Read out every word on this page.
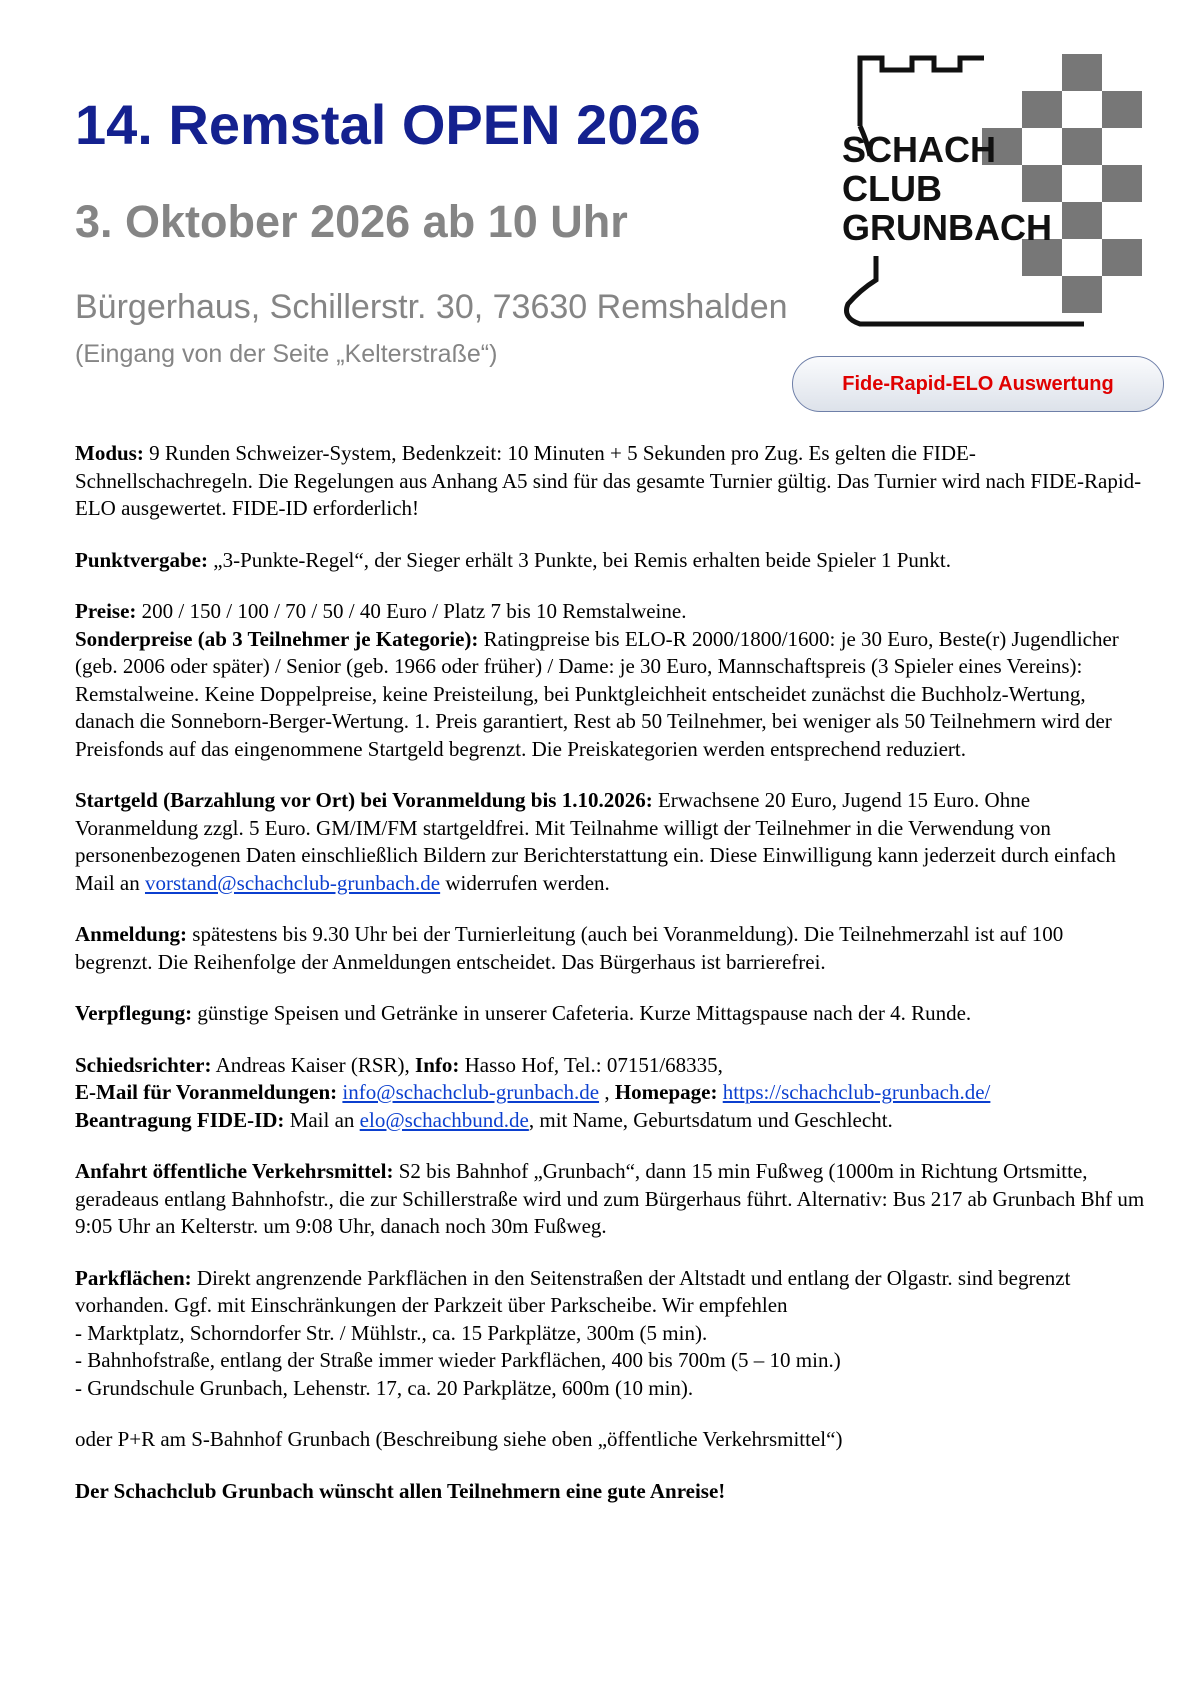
14. Remstal OPEN 2026
3. Oktober 2026 ab 10 Uhr
Bürgerhaus, Schillerstr. 30, 73630 Remshalden
(Eingang von der Seite „Kelterstraße“)
SCHACH
CLUB
GRUNBACH
Fide-Rapid-ELO Auswertung

Modus: 9 Runden Schweizer-System, Bedenkzeit: 10 Minuten + 5 Sekunden pro Zug. Es gelten die FIDE-Schnellschachregeln. Die Regelungen aus Anhang A5 sind für das gesamte Turnier gültig. Das Turnier wird nach FIDE-Rapid-ELO ausgewertet. FIDE-ID erforderlich!

Punktvergabe: „3-Punkte-Regel“, der Sieger erhält 3 Punkte, bei Remis erhalten beide Spieler 1 Punkt.

Preise: 200 / 150 / 100 / 70 / 50 / 40 Euro / Platz 7 bis 10 Remstalweine.
Sonderpreise (ab 3 Teilnehmer je Kategorie): Ratingpreise bis ELO-R 2000/1800/1600: je 30 Euro, Beste(r) Jugendlicher (geb. 2006 oder später) / Senior (geb. 1966 oder früher) / Dame: je 30 Euro, Mannschaftspreis (3 Spieler eines Vereins): Remstalweine. Keine Doppelpreise, keine Preisteilung, bei Punktgleichheit entscheidet zunächst die Buchholz-Wertung, danach die Sonneborn-Berger-Wertung. 1. Preis garantiert, Rest ab 50 Teilnehmer, bei weniger als 50 Teilnehmern wird der Preisfonds auf das eingenommene Startgeld begrenzt. Die Preiskategorien werden entsprechend reduziert.

Startgeld (Barzahlung vor Ort) bei Voranmeldung bis 1.10.2026: Erwachsene 20 Euro, Jugend 15 Euro. Ohne Voranmeldung zzgl. 5 Euro. GM/IM/FM startgeldfrei. Mit Teilnahme willigt der Teilnehmer in die Verwendung von personenbezogenen Daten einschließlich Bildern zur Berichterstattung ein. Diese Einwilligung kann jederzeit durch einfach Mail an vorstand@schachclub-grunbach.de widerrufen werden.

Anmeldung: spätestens bis 9.30 Uhr bei der Turnierleitung (auch bei Voranmeldung). Die Teilnehmerzahl ist auf 100 begrenzt. Die Reihenfolge der Anmeldungen entscheidet. Das Bürgerhaus ist barrierefrei.

Verpflegung: günstige Speisen und Getränke in unserer Cafeteria. Kurze Mittagspause nach der 4. Runde.

Schiedsrichter: Andreas Kaiser (RSR), Info: Hasso Hof, Tel.: 07151/68335,
E-Mail für Voranmeldungen: info@schachclub-grunbach.de , Homepage: https://schachclub-grunbach.de/
Beantragung FIDE-ID: Mail an elo@schachbund.de, mit Name, Geburtsdatum und Geschlecht.

Anfahrt öffentliche Verkehrsmittel: S2 bis Bahnhof „Grunbach“, dann 15 min Fußweg (1000m in Richtung Ortsmitte, geradeaus entlang Bahnhofstr., die zur Schillerstraße wird und zum Bürgerhaus führt. Alternativ: Bus 217 ab Grunbach Bhf um 9:05 Uhr an Kelterstr. um 9:08 Uhr, danach noch 30m Fußweg.

Parkflächen: Direkt angrenzende Parkflächen in den Seitenstraßen der Altstadt und entlang der Olgastr. sind begrenzt vorhanden. Ggf. mit Einschränkungen der Parkzeit über Parkscheibe. Wir empfehlen
- Marktplatz, Schorndorfer Str. / Mühlstr., ca. 15 Parkplätze, 300m (5 min).
- Bahnhofstraße, entlang der Straße immer wieder Parkflächen, 400 bis 700m (5 – 10 min.)
- Grundschule Grunbach, Lehenstr. 17, ca. 20 Parkplätze, 600m (10 min).

oder P+R am S-Bahnhof Grunbach (Beschreibung siehe oben „öffentliche Verkehrsmittel“)

Der Schachclub Grunbach wünscht allen Teilnehmern eine gute Anreise!
